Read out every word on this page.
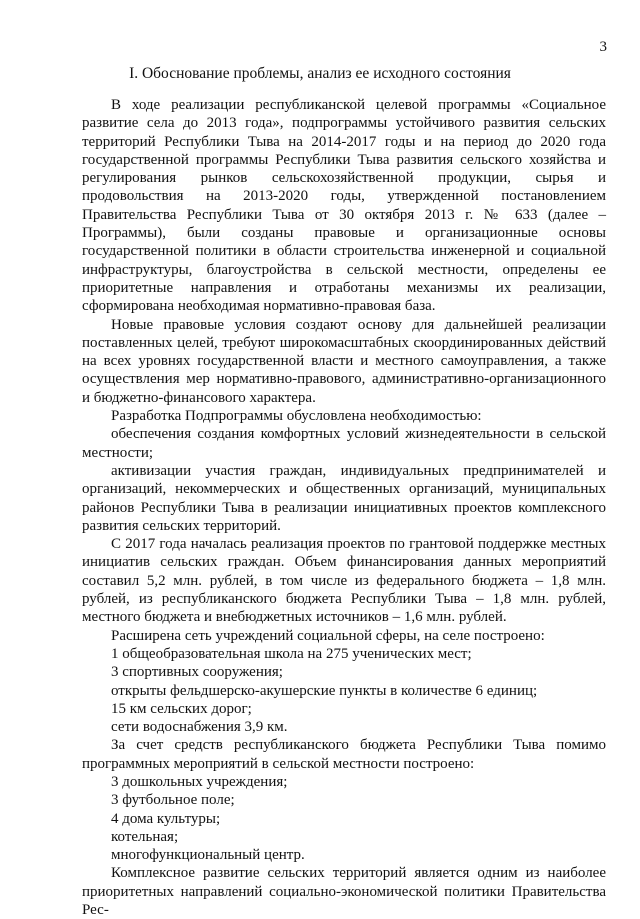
3
I. Обоснование проблемы, анализ ее исходного состояния

В ходе реализации республиканской целевой программы «Социальное развитие села до 2013 года», подпрограммы устойчивого развития сельских территорий Республики Тыва на 2014-2017 годы и на период до 2020 года государственной программы Республики Тыва развития сельского хозяйства и регулирования рынков сельскохозяйственной продукции, сырья и продовольствия на 2013-2020 годы, утвержденной постановлением Правительства Республики Тыва от 30 октября 2013 г. № 633 (далее – Программы), были созданы правовые и организационные основы государственной политики в области строительства инженерной и социальной инфраструктуры, благоустройства в сельской местности, определены ее приоритетные направления и отработаны механизмы их реализации, сформирована необходимая нормативно-правовая база.

Новые правовые условия создают основу для дальнейшей реализации поставленных целей, требуют широкомасштабных скоординированных действий на всех уровнях государственной власти и местного самоуправления, а также осуществления мер нормативно-правового, административно-организационного и бюджетно-финансового характера.

Разработка Подпрограммы обусловлена необходимостью:

обеспечения создания комфортных условий жизнедеятельности в сельской местности;

активизации участия граждан, индивидуальных предпринимателей и организаций, некоммерческих и общественных организаций, муниципальных районов Республики Тыва в реализации инициативных проектов комплексного развития сельских территорий.

С 2017 года началась реализация проектов по грантовой поддержке местных инициатив сельских граждан. Объем финансирования данных мероприятий составил 5,2 млн. рублей, в том числе из федерального бюджета – 1,8 млн. рублей, из республиканского бюджета Республики Тыва – 1,8 млн. рублей, местного бюджета и внебюджетных источников – 1,6 млн. рублей.

Расширена сеть учреждений социальной сферы, на селе построено:

1 общеобразовательная школа на 275 ученических мест;

3 спортивных сооружения;

открыты фельдшерско-акушерские пункты в количестве 6 единиц;

15 км сельских дорог;

сети водоснабжения 3,9 км.

За счет средств республиканского бюджета Республики Тыва помимо программных мероприятий в сельской местности построено:

3 дошкольных учреждения;

3 футбольное поле;

4 дома культуры;

котельная;

многофункциональный центр.

Комплексное развитие сельских территорий является одним из наиболее приоритетных направлений социально-экономической политики Правительства Рес-
